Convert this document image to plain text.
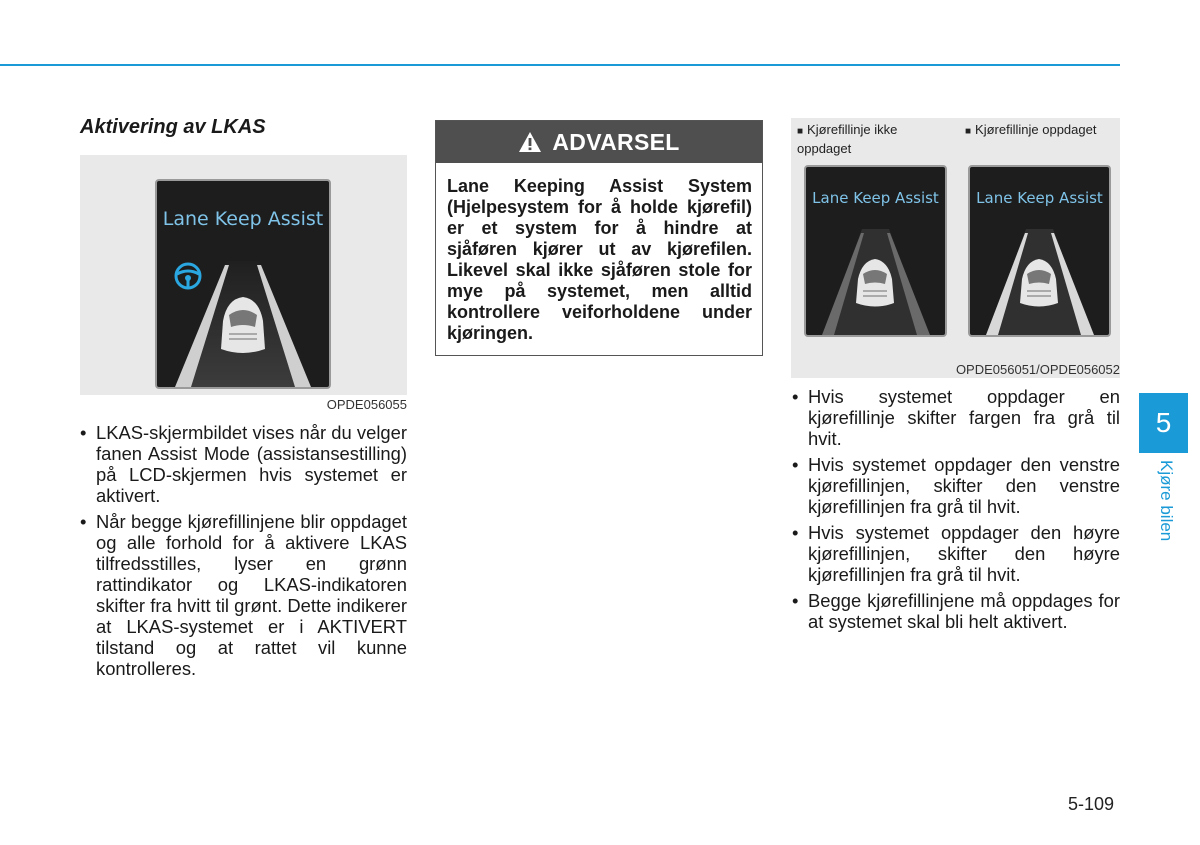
Aktivering av LKAS
Lane Keep Assist
OPDE056055
• LKAS-skjermbildet vises når du velger fanen Assist Mode (assistansestilling) på LCD-skjermen hvis systemet er aktivert.
• Når begge kjørefillinjene blir oppdaget og alle forhold for å aktivere LKAS tilfredsstilles, lyser en grønn rattindikator og LKAS-indikatoren skifter fra hvitt til grønt. Dette indikerer at LKAS-systemet er i AKTIVERT tilstand og at rattet vil kunne kontrolleres.
ADVARSEL
Lane Keeping Assist System (Hjelpesystem for å holde kjørefil) er et system for å hindre at sjåføren kjører ut av kjørefilen. Likevel skal ikke sjåføren stole for mye på systemet, men alltid kontrollere veiforholdene under kjøringen.
■ Kjørefillinje ikke oppdaget
■ Kjørefillinje oppdaget
Lane Keep Assist	Lane Keep Assist
OPDE056051/OPDE056052
• Hvis systemet oppdager en kjørefillinje skifter fargen fra grå til hvit.
• Hvis systemet oppdager den venstre kjørefillinjen, skifter den venstre kjørefillinjen fra grå til hvit.
• Hvis systemet oppdager den høyre kjørefillinjen, skifter den høyre kjørefillinjen fra grå til hvit.
• Begge kjørefillinjene må oppdages for at systemet skal bli helt aktivert.
5
Kjøre bilen
5-109
